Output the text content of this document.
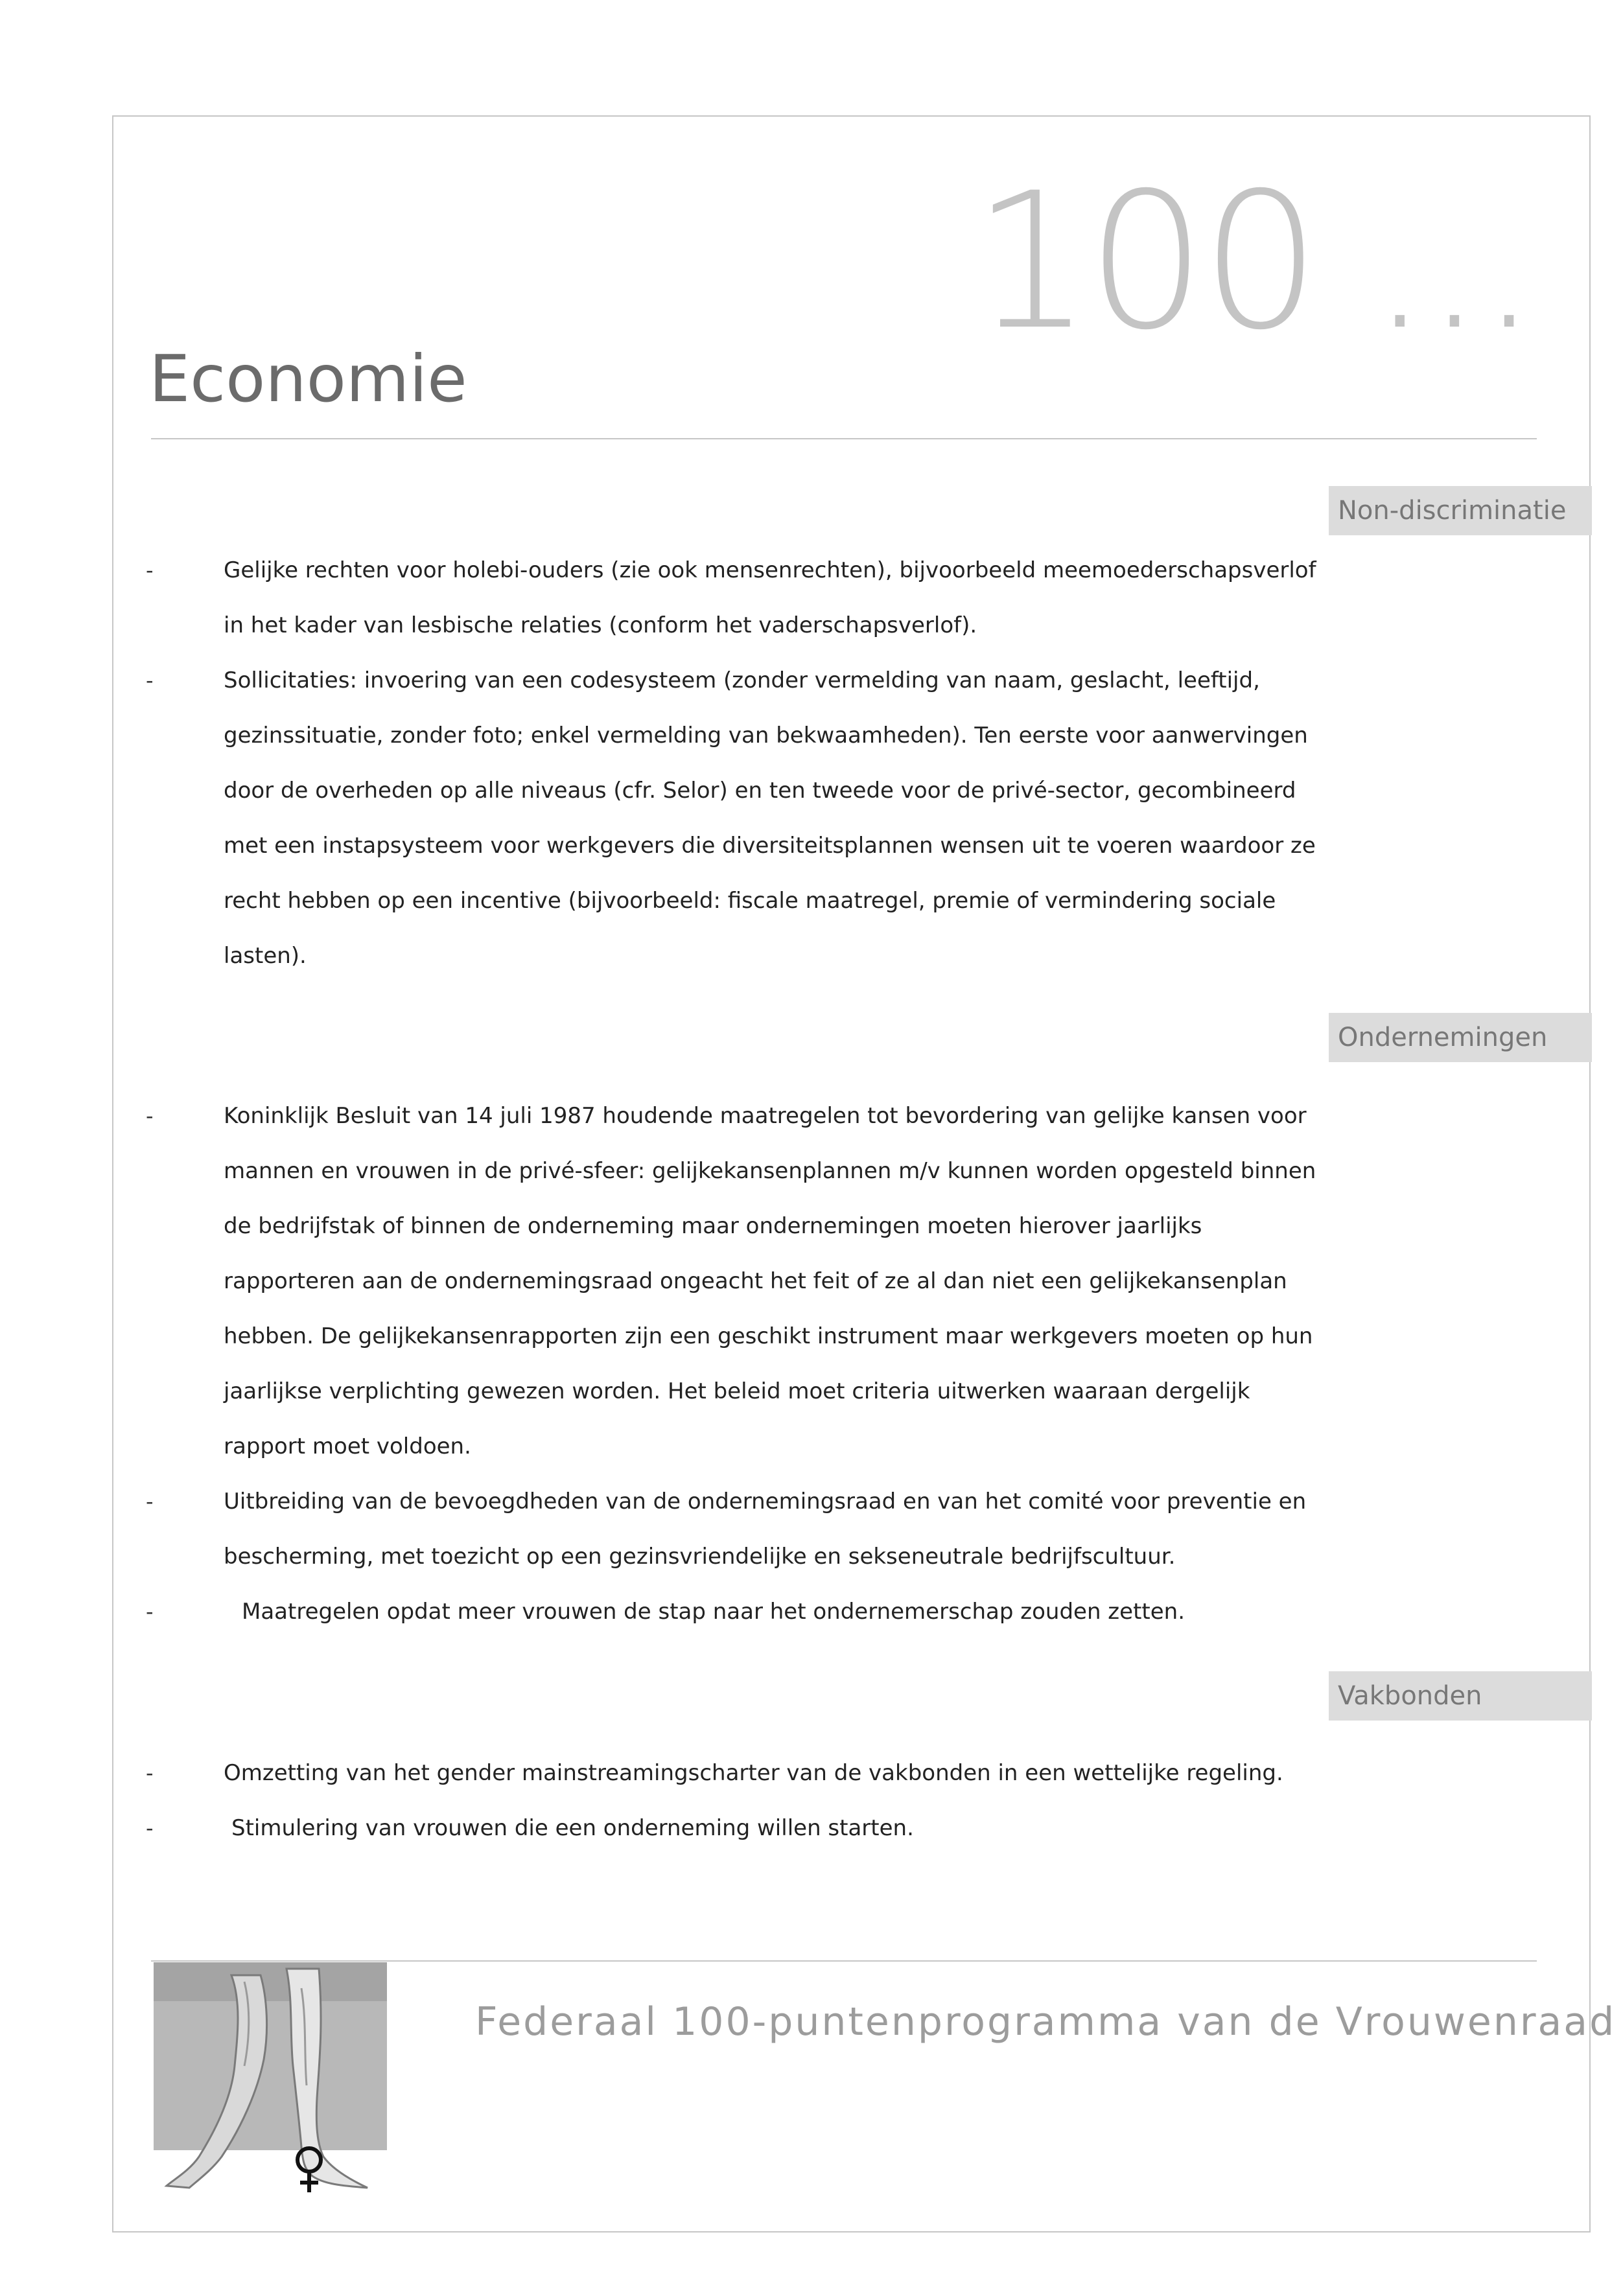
100 ...
Economie
Non-discriminatie
-	Gelijke rechten voor holebi-ouders (zie ook mensenrechten), bijvoorbeeld meemoederschapsverlof in het kader van lesbische relaties (conform het vaderschapsverlof).
-	Sollicitaties: invoering van een codesysteem (zonder vermelding van naam, geslacht, leeftijd, gezinssituatie, zonder foto; enkel vermelding van bekwaamheden). Ten eerste voor aanwervingen door de overheden op alle niveaus (cfr. Selor) en ten tweede voor de privé-sector, gecombineerd met een instapsysteem voor werkgevers die diversiteitsplannen wensen uit te voeren waardoor ze recht hebben op een incentive (bijvoorbeeld: fiscale maatregel, premie of vermindering sociale lasten).
Ondernemingen
-	Koninklijk Besluit van 14 juli 1987 houdende maatregelen tot bevordering van gelijke kansen voor mannen en vrouwen in de privé-sfeer: gelijkekansenplannen m/v kunnen worden opgesteld binnen de bedrijfstak of binnen de onderneming maar ondernemingen moeten hierover jaarlijks rapporteren aan de ondernemingsraad ongeacht het feit of ze al dan niet een gelijkekansenplan hebben. De gelijkekansenrapporten zijn een geschikt instrument maar werkgevers moeten op hun jaarlijkse verplichting gewezen worden. Het beleid moet criteria uitwerken waaraan dergelijk rapport moet voldoen.
-	Uitbreiding van de bevoegdheden van de ondernemingsraad en van het comité voor preventie en bescherming, met toezicht op een gezinsvriendelijke en sekseneutrale bedrijfscultuur.
-	Maatregelen opdat meer vrouwen de stap naar het ondernemerschap zouden zetten.
Vakbonden
-	Omzetting van het gender mainstreamingscharter van de vakbonden in een wettelijke regeling.
-	Stimulering van vrouwen die een onderneming willen starten.
Federaal 100-puntenprogramma van de Vrouwenraad
